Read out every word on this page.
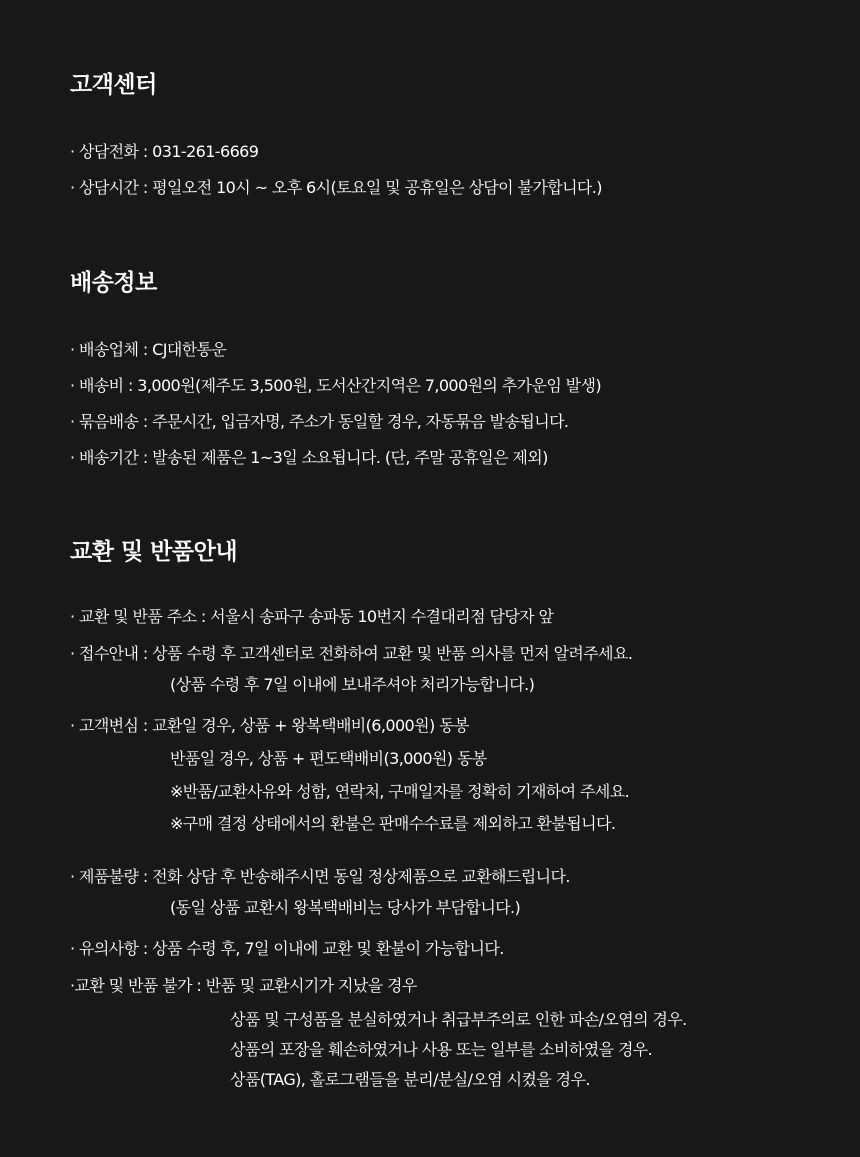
고객센터
· 상담전화 : 031-261-6669
· 상담시간 : 평일오전 10시 ~ 오후 6시(토요일 및 공휴일은 상담이 불가합니다.)
배송정보
· 배송업체 : CJ대한통운
· 배송비 : 3,000원(제주도 3,500원, 도서산간지역은 7,000원의 추가운임 발생)
· 묶음배송 : 주문시간, 입금자명, 주소가 동일할 경우, 자동묶음 발송됩니다.
· 배송기간 : 발송된 제품은 1~3일 소요됩니다. (단, 주말 공휴일은 제외)
교환 및 반품안내
· 교환 및 반품 주소 : 서울시 송파구 송파동 10번지 수결대리점 담당자 앞
· 접수안내 : 상품 수령 후 고객센터로 전화하여 교환 및 반품 의사를 먼저 알려주세요.
(상품 수령 후 7일 이내에 보내주셔야 처리가능합니다.)
· 고객변심 : 교환일 경우, 상품 + 왕복택배비(6,000원) 동봉
반품일 경우, 상품 + 편도택배비(3,000원) 동봉
※반품/교환사유와 성함, 연락처, 구매일자를 정확히 기재하여 주세요.
※구매 결정 상태에서의 환불은 판매수수료를 제외하고 환불됩니다.
· 제품불량 : 전화 상담 후 반송해주시면 동일 정상제품으로 교환해드립니다.
(동일 상품 교환시 왕복택배비는 당사가 부담합니다.)
· 유의사항 : 상품 수령 후, 7일 이내에 교환 및 환불이 가능합니다.
·교환 및 반품 불가 : 반품 및 교환시기가 지났을 경우
상품 및 구성품을 분실하였거나 취급부주의로 인한 파손/오염의 경우.
상품의 포장을 훼손하였거나 사용 또는 일부를 소비하였을 경우.
상품(TAG), 홀로그램들을 분리/분실/오염 시켰을 경우.
